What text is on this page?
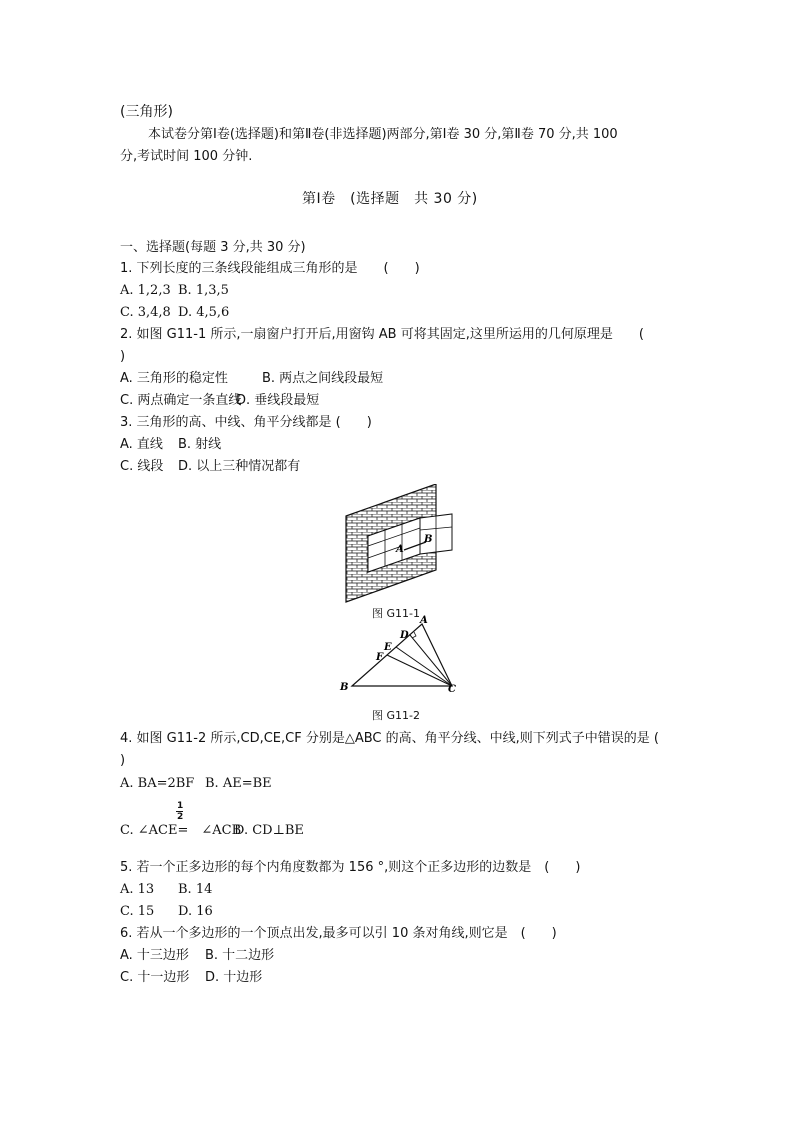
(三角形)
本试卷分第Ⅰ卷(选择题)和第Ⅱ卷(非选择题)两部分,第Ⅰ卷 30 分,第Ⅱ卷 70 分,共 100
分,考试时间 100 分钟.
第Ⅰ卷　(选择题　共 30 分)
一、选择题(每题 3 分,共 30 分)
1. 下列长度的三条线段能组成三角形的是　　(　　)
A. 1,2,3 B. 1,3,5
C. 3,4,8 D. 4,5,6
2. 如图 G11-1 所示,一扇窗户打开后,用窗钩 AB 可将其固定,这里所运用的几何原理是　　(
)
A. 三角形的稳定性	B. 两点之间线段最短
C. 两点确定一条直线
D. 垂线段最短
3. 三角形的高、中线、角平分线都是 (　　)
A. 直线 B. 射线
C. 线段 D. 以上三种情况都有
A
B
图 G11-1
A
B	C
D
E
F
图 G11-2
4. 如图 G11-2 所示,CD,CE,CF 分别是△ABC 的高、角平分线、中线,则下列式子中错误的是 (
)
A. BA=2BF B. AE=BE
1
2
C. ∠ACE=　∠ACB
D. CD⊥BE
5. 若一个正多边形的每个内角度数都为 156 °,则这个正多边形的边数是　(　　)
A. 13 B. 14
C. 15 D. 16
6. 若从一个多边形的一个顶点出发,最多可以引 10 条对角线,则它是　(　　)
A. 十三边形 B. 十二边形
C. 十一边形 D. 十边形
